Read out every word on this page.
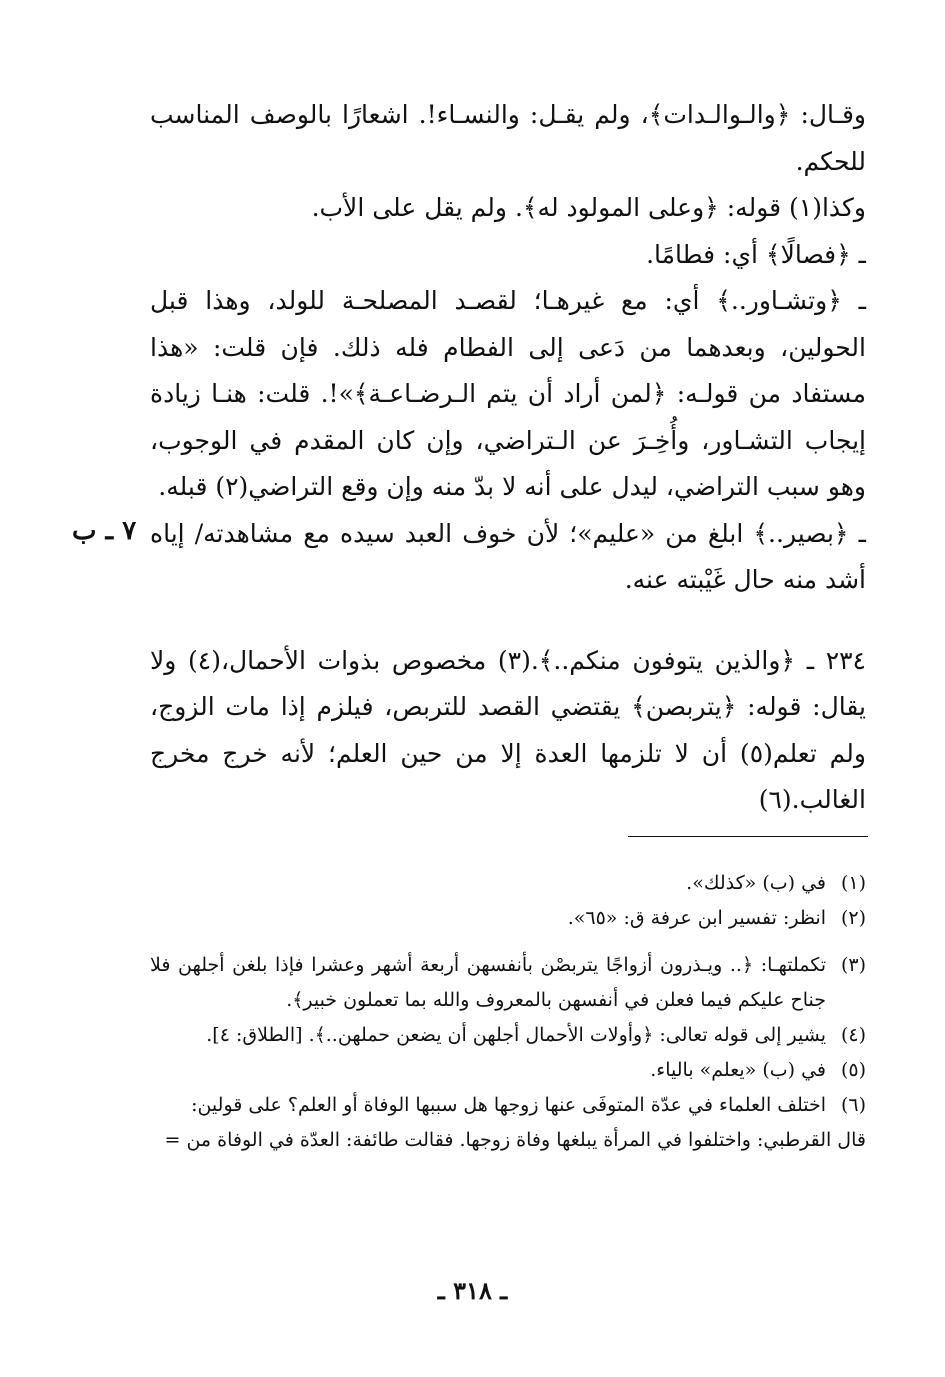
وقـال: ﴿والـوالـدات﴾، ولم يقـل: والنسـاء!. اشعارًا بالوصف المناسب للحكم.

وكذا(١) قوله: ﴿وعلى المولود له﴾. ولم يقل على الأب.

ـ ﴿فصالًا﴾ أي: فطامًا.

ـ ﴿وتشـاور..﴾ أي: مع غيرهـا؛ لقصـد المصلحـة للولد، وهذا قبل الحولين، وبعدهما من دَعى إلى الفطام فله ذلك. فإن قلت: «هذا مستفاد من قولـه: ﴿لمن أراد أن يتم الـرضـاعـة﴾»!. قلت: هنـا زيادة إيجاب التشـاور، وأُخِـرَ عن الـتراضي، وإن كان المقدم في الوجوب، وهو سبب التراضي، ليدل على أنه لا بدّ منه وإن وقع التراضي(٢) قبله.

ـ ﴿بصير..﴾ ابلغ من «عليم»؛ لأن خوف العبد سيده مع مشاهدته/ إياه أشد منه حال غَيْبته عنه.

٢٣٤ ـ ﴿والذين يتوفون منكم..﴾.(٣) مخصوص بذوات الأحمال،(٤) ولا يقال: قوله: ﴿يتربصن﴾ يقتضي القصد للتربص، فيلزم إذا مات الزوج، ولم تعلم(٥) أن لا تلزمها العدة إلا من حين العلم؛ لأنه خرج مخرج الغالب.(٦)

٧ ـ ب
(١)
في (ب) «كذلك».
(٢)
انظر: تفسير ابن عرفة ق: «٦٥».
(٣)
تكملتهـا: ﴿.. ويـذرون أزواجًا يتربصْن بأنفسهن أربعة أشهر وعشرا فإذا بلغن أجلهن فلا جناح عليكم فيما فعلن في أنفسهن بالمعروف والله بما تعملون خبير﴾.
(٤)
يشير إلى قوله تعالى: ﴿وأولات الأحمال أجلهن أن يضعن حملهن..﴾. [الطلاق: ٤].
(٥)
في (ب) «يعلم» بالياء.
(٦)
اختلف العلماء في عدّة المتوفَى عنها زوجها هل سببها الوفاة أو العلم؟ على قولين:

قال القرطبي: واختلفوا في المرأة يبلغها وفاة زوجها. فقالت طائفة: العدّة في الوفاة من =

ـ ٣١٨ ـ
